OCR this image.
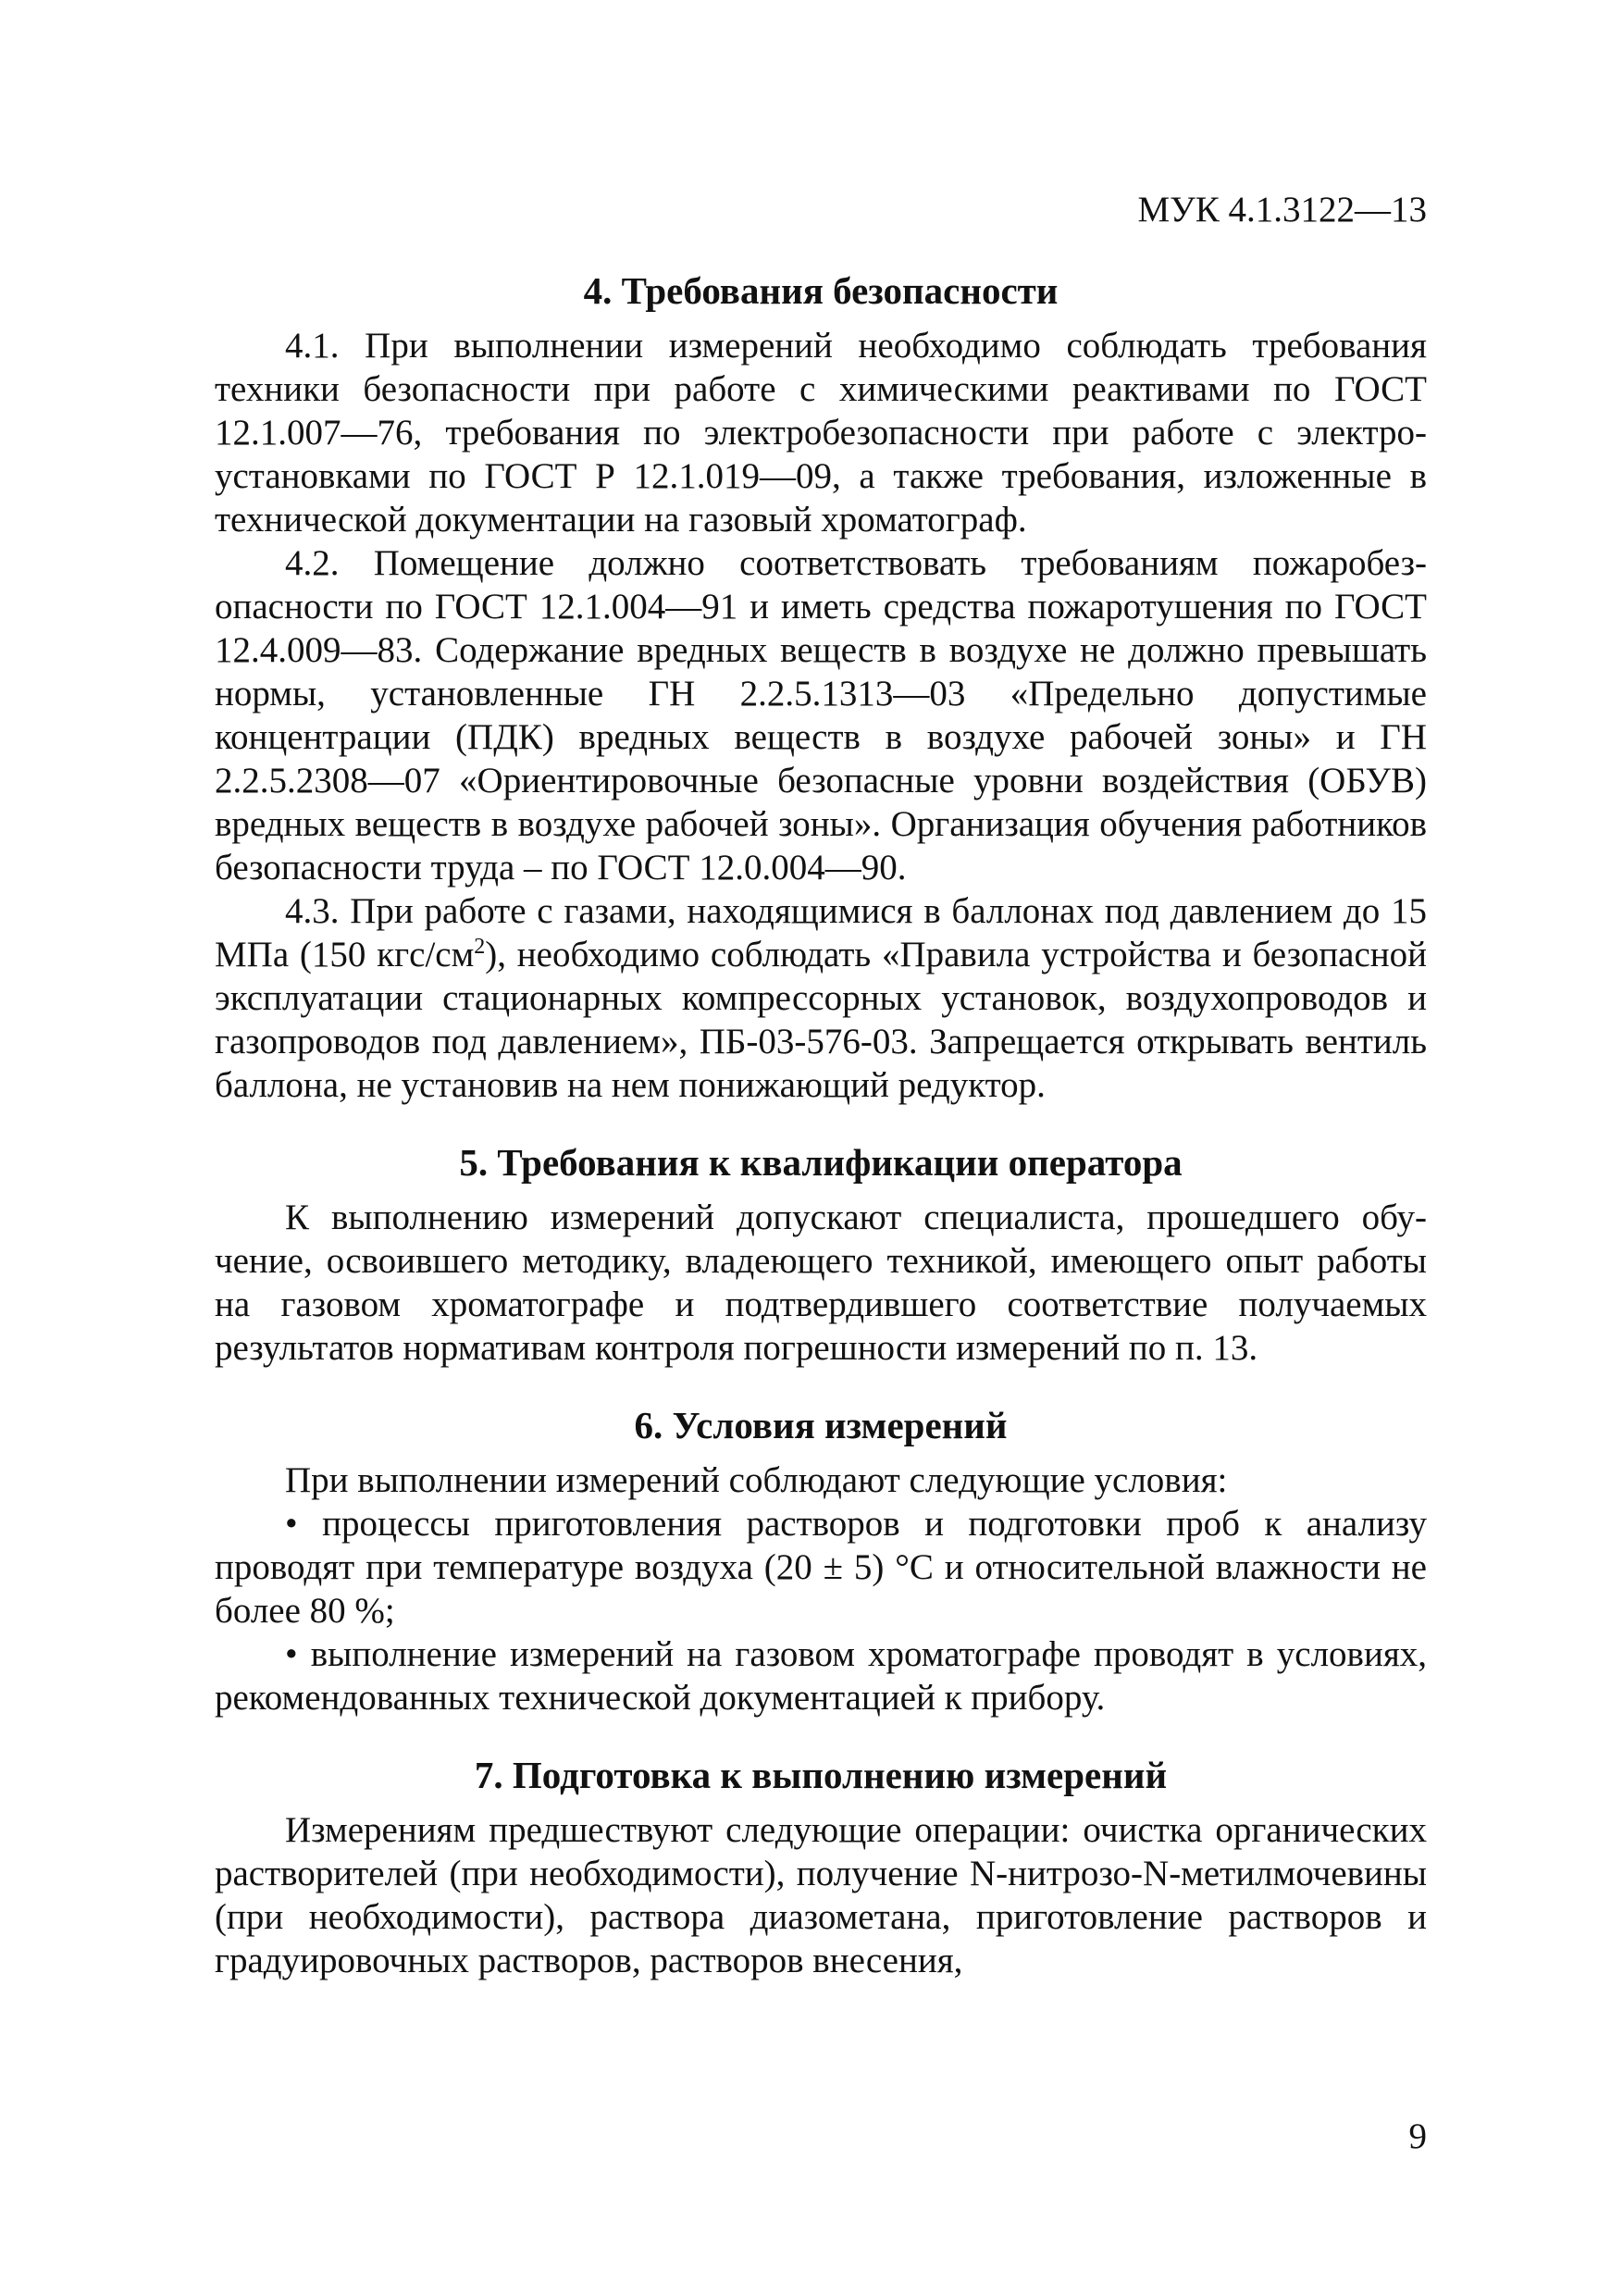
МУК 4.1.3122—13
4. Требования безопасности

4.1. При выполнении измерений необходимо соблюдать требования техники безопасности при работе с химическими реактивами по ГОСТ 12.1.007—76, требования по электробезопасности при работе с электроустановками по ГОСТ Р 12.1.019—09, а также требования, изложенные в технической документации на газовый хроматограф.

4.2. Помещение должно соответствовать требованиям пожаробезопасности по ГОСТ 12.1.004—91 и иметь средства пожаротушения по ГОСТ 12.4.009—83. Содержание вредных веществ в воздухе не должно превышать нормы, установленные ГН 2.2.5.1313—03 «Предельно допустимые концентрации (ПДК) вредных веществ в воздухе рабочей зоны» и ГН 2.2.5.2308—07 «Ориентировочные безопасные уровни воздействия (ОБУВ) вредных веществ в воздухе рабочей зоны». Организация обучения работников безопасности труда – по ГОСТ 12.0.004—90.

4.3. При работе с газами, находящимися в баллонах под давлением до 15 МПа (150 кгс/$см^2$), необходимо соблюдать «Правила устройства и безопасной эксплуатации стационарных компрессорных установок, воздухопроводов и газопроводов под давлением», ПБ-03-576-03. Запрещается открывать вентиль баллона, не установив на нем понижающий редуктор.

5. Требования к квалификации оператора

К выполнению измерений допускают специалиста, прошедшего обучение, освоившего методику, владеющего техникой, имеющего опыт работы на газовом хроматографе и подтвердившего соответствие получаемых результатов нормативам контроля погрешности измерений по п. 13.

6. Условия измерений

При выполнении измерений соблюдают следующие условия:

• процессы приготовления растворов и подготовки проб к анализу проводят при температуре воздуха (20 ± 5) °С и относительной влажности не более 80 %;

• выполнение измерений на газовом хроматографе проводят в условиях, рекомендованных технической документацией к прибору.

7. Подготовка к выполнению измерений

Измерениям предшествуют следующие операции: очистка органических растворителей (при необходимости), получение N-нитрозо-N-метилмочевины (при необходимости), раствора диазометана, приготовление растворов и градуировочных растворов, растворов внесения,

9
